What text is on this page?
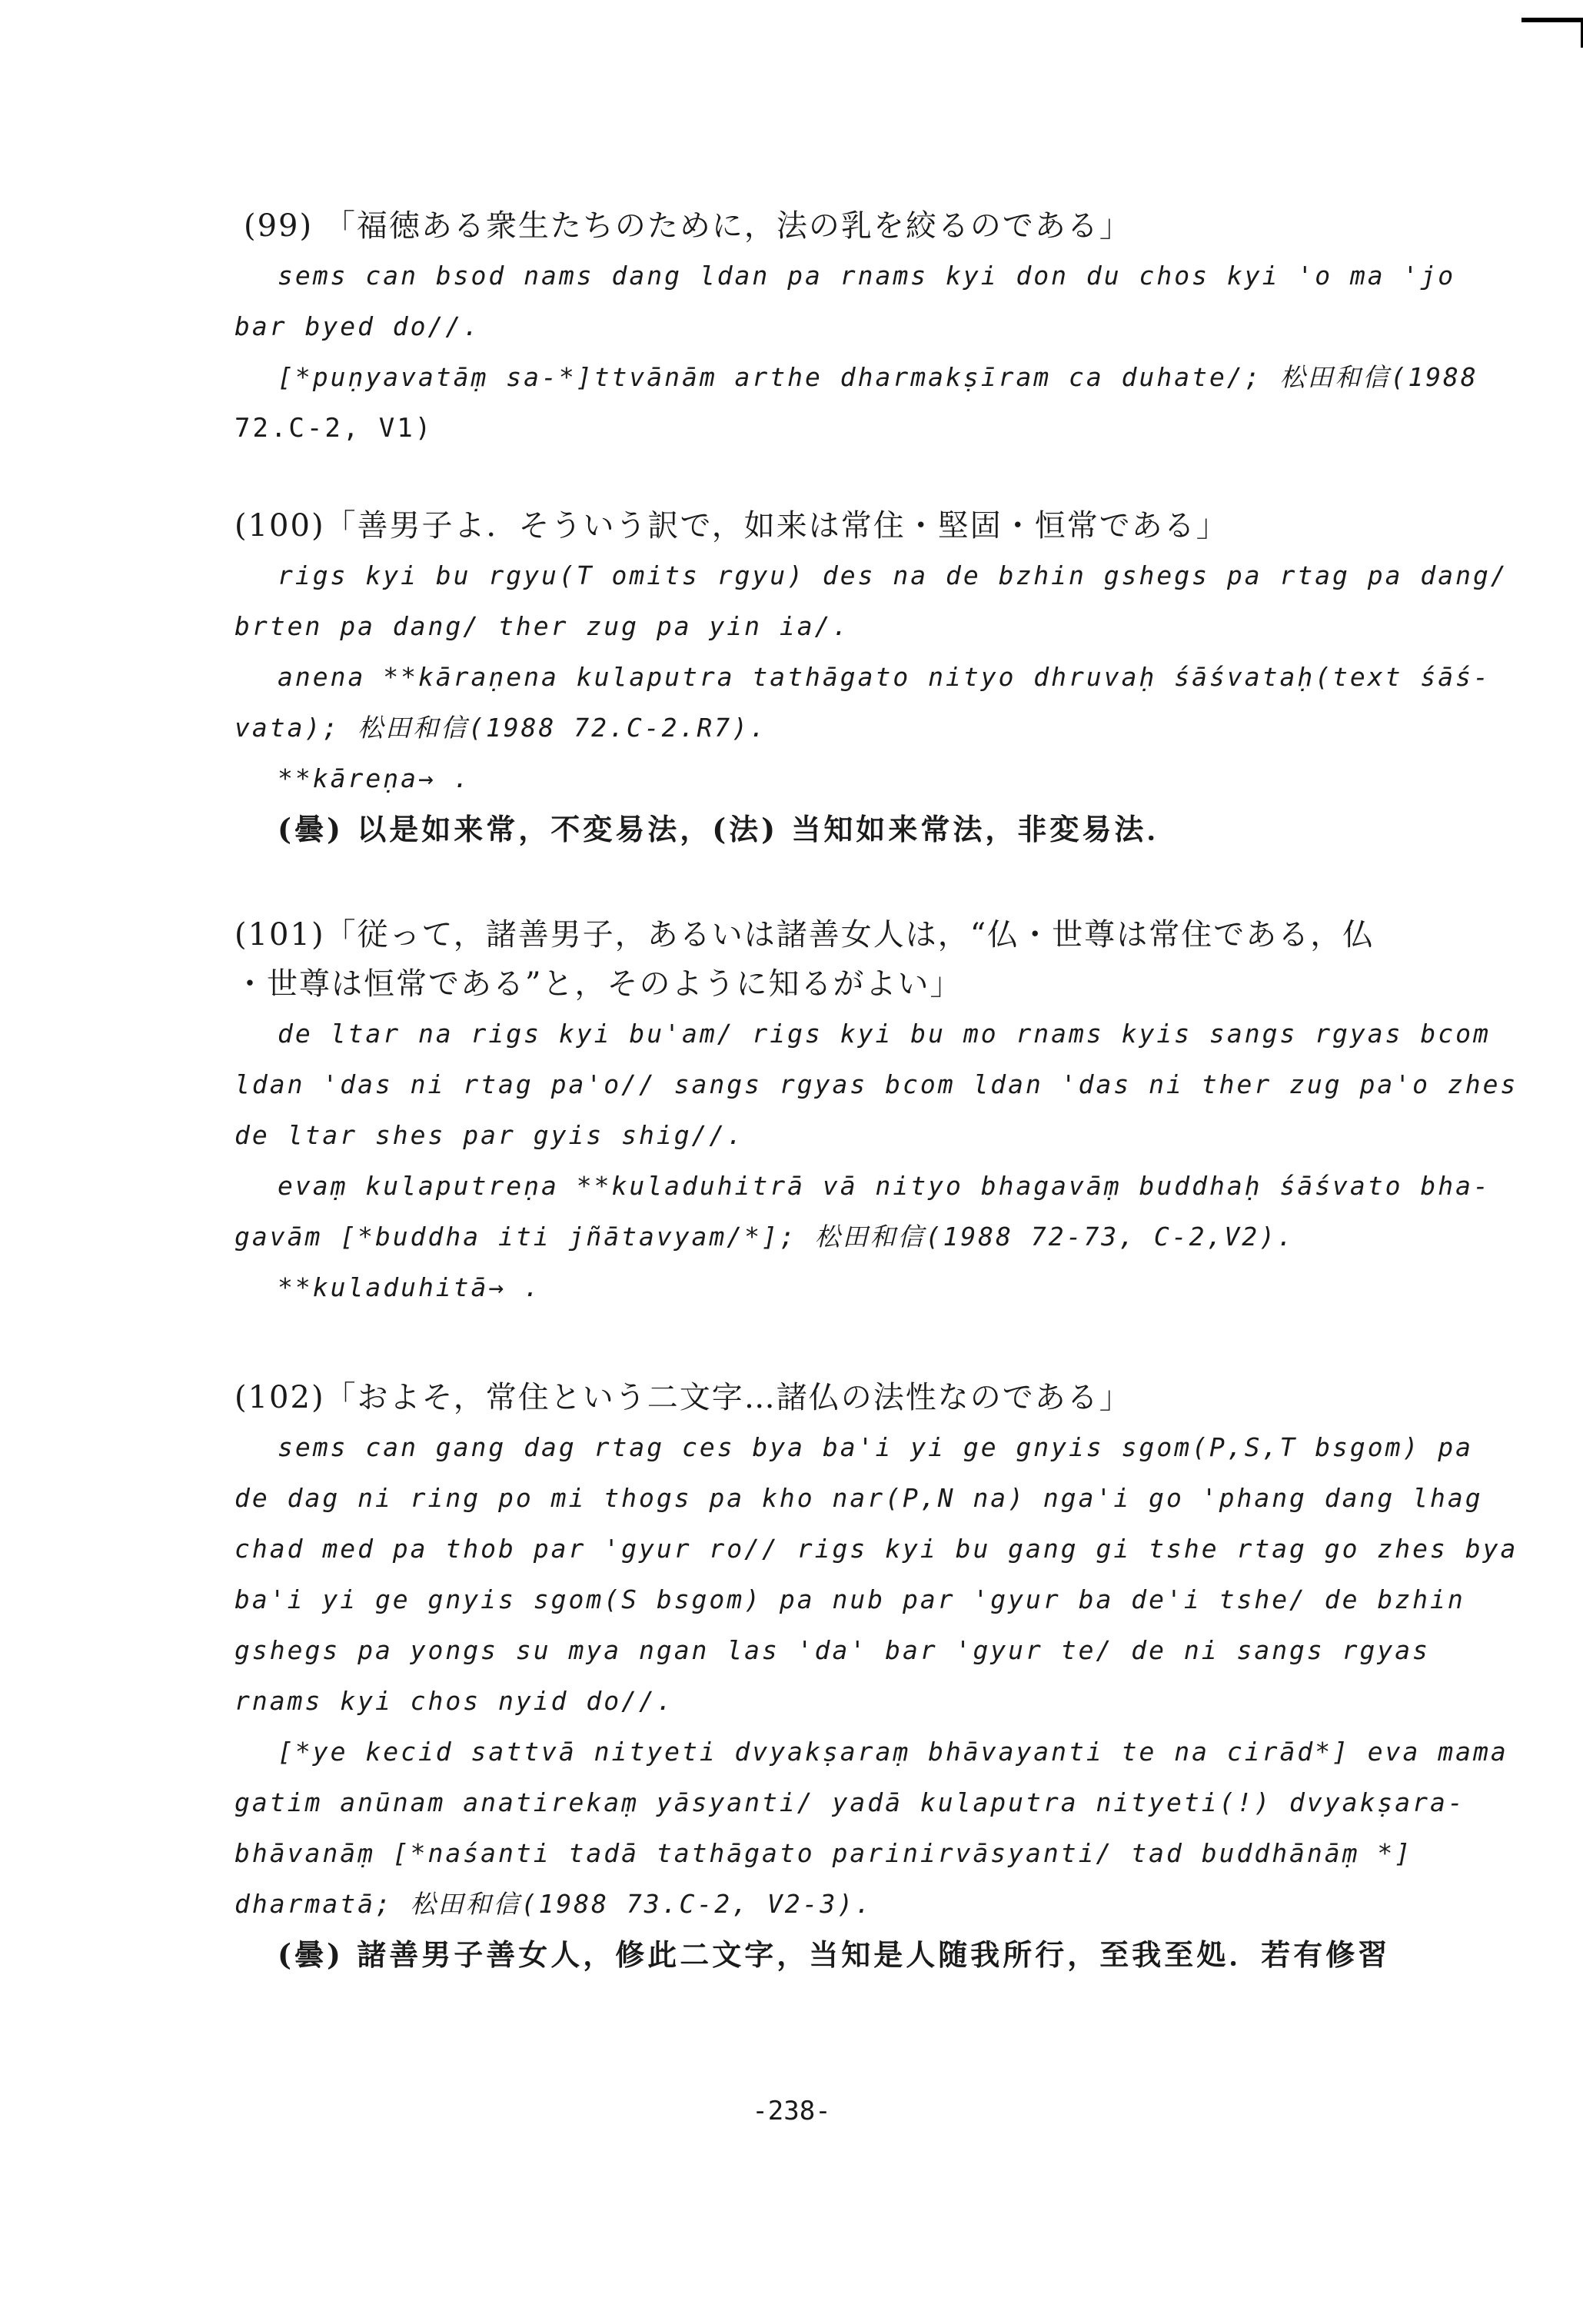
(99) 「福徳ある衆生たちのために，法の乳を絞るのである」
sems can bsod nams dang ldan pa rnams kyi don du chos kyi 'o ma 'jo
bar byed do//.
[*puṇyavatāṃ sa-*]ttvānām arthe dharmakṣīram ca duhate/; 松田和信(1988
72.C-2, V1)
(100)「善男子よ．そういう訳で，如来は常住・堅固・恒常である」
rigs kyi bu rgyu(T omits rgyu) des na de bzhin gshegs pa rtag pa dang/
brten pa dang/ ther zug pa yin ia/.
anena **kāraṇena kulaputra tathāgato nityo dhruvaḥ śāśvataḥ(text śāś-
vata); 松田和信(1988 72.C-2.R7).
**kāreṇa→ .
(曇) 以是如来常，不変易法，(法) 当知如来常法，非変易法．
(101)「従って，諸善男子，あるいは諸善女人は，“仏・世尊は常住である，仏
・世尊は恒常である”と，そのように知るがよい」
de ltar na rigs kyi bu'am/ rigs kyi bu mo rnams kyis sangs rgyas bcom
ldan 'das ni rtag pa'o// sangs rgyas bcom ldan 'das ni ther zug pa'o zhes
de ltar shes par gyis shig//.
evaṃ kulaputreṇa **kuladuhitrā vā nityo bhagavāṃ buddhaḥ śāśvato bha-
gavām [*buddha iti jñātavyam/*]; 松田和信(1988 72-73, C-2,V2).
**kuladuhitā→ .
(102)「およそ，常住という二文字…諸仏の法性なのである」
sems can gang dag rtag ces bya ba'i yi ge gnyis sgom(P,S,T bsgom) pa
de dag ni ring po mi thogs pa kho nar(P,N na) nga'i go 'phang dang lhag
chad med pa thob par 'gyur ro// rigs kyi bu gang gi tshe rtag go zhes bya
ba'i yi ge gnyis sgom(S bsgom) pa nub par 'gyur ba de'i tshe/ de bzhin
gshegs pa yongs su mya ngan las 'da' bar 'gyur te/ de ni sangs rgyas
rnams kyi chos nyid do//.
[*ye kecid sattvā nityeti dvyakṣaraṃ bhāvayanti te na cirād*] eva mama
gatim anūnam anatirekaṃ yāsyanti/ yadā kulaputra nityeti(!) dvyakṣara-
bhāvanāṃ [*naśanti tadā tathāgato parinirvāsyanti/ tad buddhānāṃ *]
dharmatā; 松田和信(1988 73.C-2, V2-3).
(曇) 諸善男子善女人，修此二文字，当知是人随我所行，至我至処．若有修習
-238-
